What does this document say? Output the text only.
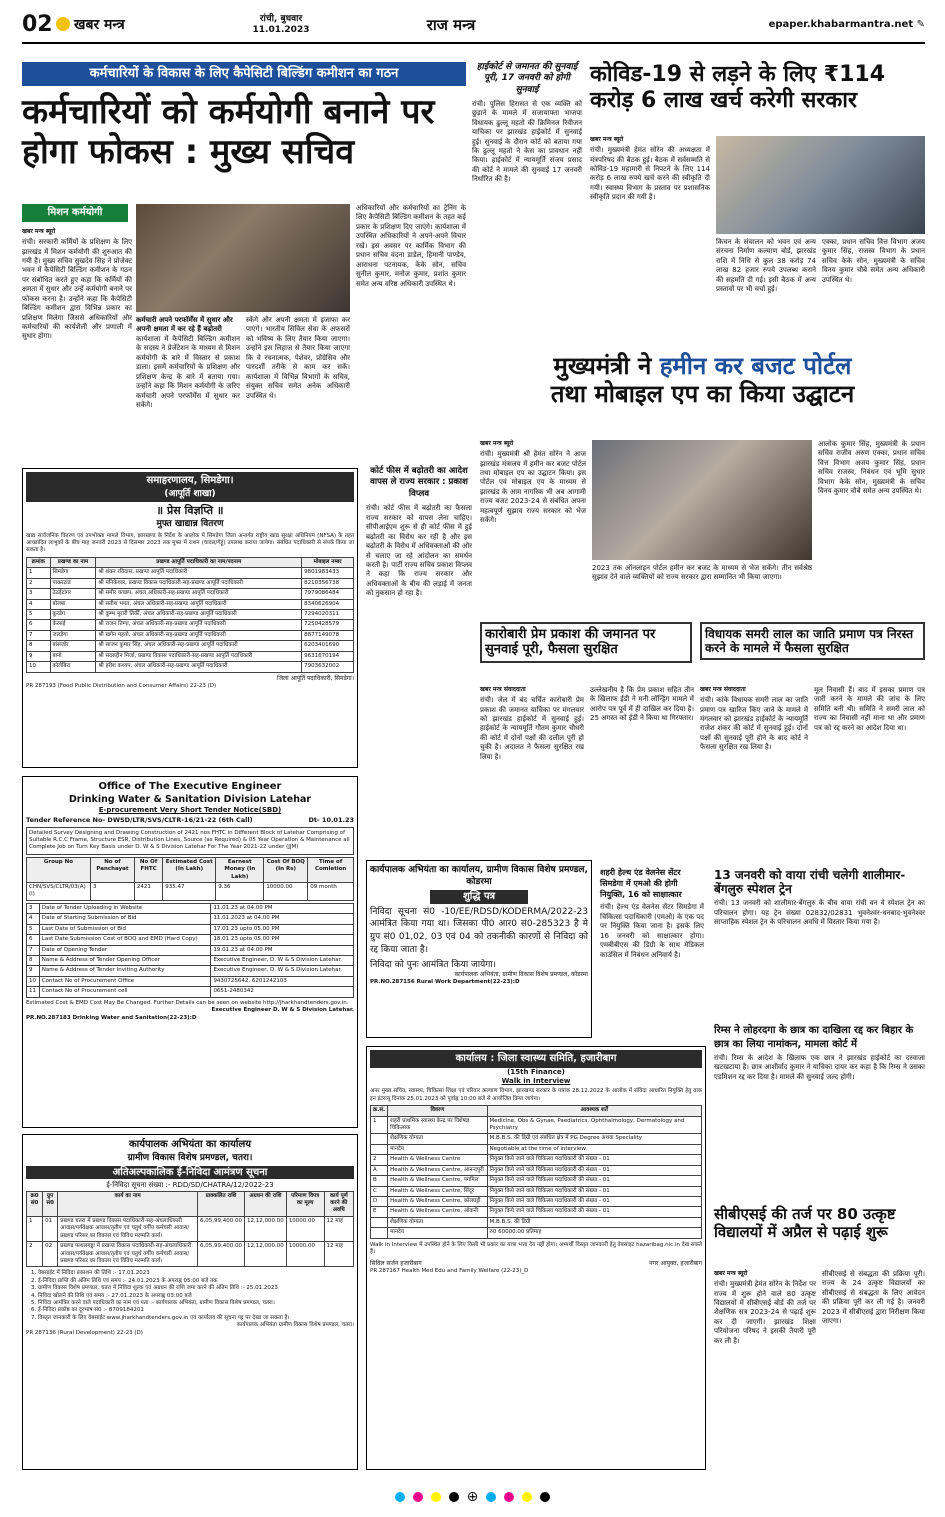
02	खबर मन्त्र	रांची, बुधवार
11.01.2023	राज मन्त्र	epaper.khabarmantra.net ✎
कर्मचारियों के विकास के लिए कैपेसिटी बिल्डिंग कमीशन का गठन
कर्मचारियों को कर्मयोगी बनाने पर होगा फोकस : मुख्य सचिव
मिशन कर्मयोगी
खबर मन्त्र ब्यूरो

रांची। सरकारी कर्मियों के प्रशिक्षण के लिए झारखंड में मिशन कर्मयोगी की शुरुआत की गयी है। मुख्य सचिव सुखदेव सिंह ने प्रोजेक्ट भवन में कैपेसिटी बिल्डिंग कमीशन के गठन पर संबोधित करते हुए कहा कि कर्मियों की क्षमता में सुधार और उन्हें कर्मयोगी बनाने पर फोकस करना है। उन्होंने कहा कि कैपेसिटी बिल्डिंग कमीशन द्वारा विभिन्न प्रकार का प्रशिक्षण मिलेगा जिससे अधिकारियों और कर्मचारियों की कार्यशैली और प्रणाली में सुधार होगा।

कर्मचारी अपने परफॉर्मेंस में सुधार और अपनी क्षमता में कर रहे हैं बढ़ोतरी

कार्यशाला में कैपेसिटी बिल्डिंग कमीशन के सदस्य ने प्रेजेंटेशन के माध्यम से मिशन कर्मयोगी के बारे में विस्तार से प्रकाश डाला। इसमें कर्मचारियों के प्रशिक्षण और प्रशिक्षण केन्द्र के बारे में बताया गया। उन्होंने कहा कि मिशन कर्मयोगी के जरिए कर्मचारी अपने परफॉर्मेंस में सुधार कर सकेंगे।

स्केंगे और अपनी क्षमता में इजाफा कर पाएंगे। भारतीय सिविल सेवा के अफसरों को भविष्य के लिए तैयार किया जाएगा। उन्होंने इस लिहाज से तैयार किया जाएगा कि वे रचनात्मक, पेशेवर, प्रोग्रेसिव और पारदर्शी तरीके से काम कर सकें। कार्यशाला में विभिन्न विभागों के सचिव, संयुक्त सचिव समेत अनेक अधिकारी उपस्थित थे।

अधिकारियों और कर्मचारियों का ट्रेनिंग के लिए कैपेसिटी बिल्डिंग कमीशन के तहत कई प्रकार के प्रशिक्षण दिए जाएंगे। कार्यशाला में उपस्थित अधिकारियों ने अपने-अपने विचार रखे। इस अवसर पर कार्मिक विभाग की प्रधान सचिव वंदना डाडेल, हिमानी पाण्डेय, आराधना पटनायक, केके सोन, सचिव सुनील कुमार, मनोज कुमार, प्रशांत कुमार समेत अन्य वरिष्ठ अधिकारी उपस्थित थे।

हाईकोर्ट से जमानत की सुनवाई पूरी, 17 जनवरी को होगी सुनवाई

रांची। पुलिस हिरासत से एक व्यक्ति को छुड़ाने के मामले में सजायाफ्ता भाजपा विधायक ढुल्लू महतो की क्रिमिनल रिवीजन याचिका पर झारखंड हाईकोर्ट में सुनवाई हुई। सुनवाई के दौरान कोर्ट को बताया गया कि ढुल्लू महतो ने केस का प्रावधान नहीं किया। हाईकोर्ट में न्यायमूर्ति संजय प्रसाद की कोर्ट ने मामले की सुनवाई 17 जनवरी निर्धारित की है।

कोविड-19 से लड़ने के लिए ₹114 करोड़ 6 लाख खर्च करेगी सरकार
खबर मन्त्र ब्यूरो

रांची। मुख्यमंत्री हेमंत सोरेन की अध्यक्षता में मंत्रपरिषद की बैठक हुई। बैठक में सर्वसम्मति से कोविड-19 महामारी से निपटने के लिए 114 करोड़ 6 लाख रुपये खर्च करने की स्वीकृति दी गयी। स्वास्थ्य विभाग के प्रस्ताव पर प्रशासनिक स्वीकृति प्रदान की गयी है।

किचन के संचालन को भवन एवं अन्य संरचना निर्माण कल्याण बोर्ड, झारखंड राशि में निधि से कुल 38 करोड़ 74 लाख 82 हजार रुपये उपलब्ध कराने की सहमति दी गई। इसी बैठक में अन्य प्रस्तावों पर भी चर्चा हुई।

एक्का, प्रधान सचिव वित्त विभाग अजय कुमार सिंह, राजस्व विभाग के प्रधान सचिव केके सोन, मुख्यमंत्री के सचिव विनय कुमार चौबे समेत अन्य अधिकारी उपस्थित थे।

मुख्यमंत्री ने हमीन कर बजट पोर्टल
तथा मोबाइल एप का किया उद्घाटन
खबर मन्त्र ब्यूरो

रांची। मुख्यमंत्री श्री हेमंत सोरेन ने आज झारखंड मंत्रालय में हमीन कर बजट पोर्टल तथा मोबाइल एप का उद्घाटन किया। इस पोर्टल एवं मोबाइल एप के माध्यम से झारखंड के आम नागरिक भी अब आगामी राज्य बजट 2023-24 से संबंधित अपना महत्वपूर्ण सुझाव राज्य सरकार को भेज सकेंगे।

2023 तक ऑनलाइन पोर्टल हमीन कर बजट के माध्यम से भेज सकेंगे। तीन सर्वश्रेष्ठ सुझाव देने वाले व्यक्तियों को राज्य सरकार द्वारा सम्मानित भी किया जाएगा।

आलोक कुमार सिंह, मुख्यमंत्री के प्रधान सचिव राजीव अरुण एक्का, प्रधान सचिव वित्त विभाग अजय कुमार सिंह, प्रधान सचिव राजस्व, निबंधन एवं भूमि सुधार विभाग केके सोन, मुख्यमंत्री के सचिव विनय कुमार चौबे समेत अन्य उपस्थित थे।

कोर्ट फीस में बढ़ोतरी का आदेश वापस ले राज्य सरकार : प्रकाश विप्लव

रांची। कोर्ट फीस में बढ़ोतरी का फैसला राज्य सरकार को वापस लेना चाहिए। सीपीआईएम शुरू से ही कोर्ट फीस में हुई बढ़ोतरी का विरोध कर रही है और इस बढ़ोतरी के विरोध में अधिवक्ताओं की ओर से चलाए जा रहे आंदोलन का समर्थन करती है। पार्टी राज्य सचिव प्रकाश विप्लव ने कहा कि राज्य सरकार और अधिवक्ताओं के बीच की लड़ाई में जनता को नुकसान हो रहा है।

कारोबारी प्रेम प्रकाश की जमानत पर सुनवाई पूरी, फैसला सुरक्षित
खबर मन्त्र संवाददाता

रांची। जेल में बंद चर्चित कारोबारी प्रेम प्रकाश की जमानत याचिका पर मंगलवार को झारखंड हाईकोर्ट में सुनवाई हुई। हाईकोर्ट के न्यायमूर्ति गौतम कुमार चौधरी की कोर्ट में दोनों पक्षों की दलील पूरी हो चुकी है। अदालत ने फैसला सुरक्षित रख लिया है।

उल्लेखनीय है कि प्रेम प्रकाश सहित तीन के खिलाफ ईडी ने मनी लॉन्ड्रिंग मामले में आरोप पत्र पूर्व में ही दाखिल कर दिया है। 25 अगस्त को ईडी ने किया था गिरफ्तार।

विधायक समरी लाल का जाति प्रमाण पत्र निरस्त करने के मामले में फैसला सुरक्षित
खबर मन्त्र संवाददाता

रांची। कांके विधायक समरी लाल का जाति प्रमाण पत्र खारिज किए जाने के मामले में मंगलवार को झारखंड हाईकोर्ट के न्यायमूर्ति राजेश शंकर की कोर्ट में सुनवाई हुई। दोनों पक्षों की सुनवाई पूरी होने के बाद कोर्ट ने फैसला सुरक्षित रख लिया है।

मूल निवासी हैं। बाद में इसका प्रमाण पत्र जारी करने के मामले की जांच के लिए समिति बनी थी। समिति ने समरी लाल को राज्य का निवासी नहीं माना था और प्रमाण पत्र को रद्द करने का आदेश दिया था।

समाहरणालय, सिमडेगा।
(आपूर्ति शाखा)
॥ प्रेस विज्ञप्ति ॥
मुफ्त खाद्यान्न वितरण

खाद्य सार्वजनिक वितरण एवं उपभोक्ता मामले विभाग, झारखण्ड के निर्देश के आलोक में सिमडेगा जिला अन्तर्गत राष्ट्रीय खाद्य सुरक्षा अधिनियम (NFSA) के तहत आच्छादित लाभुकों के बीच माह जनवरी 2023 से दिसम्बर 2023 तक मुफ्त में राशन (चावल/गेहूं) उपलब्ध कराया जायेगा। संबंधित पदाधिकारी से संपर्क किया जा सकता है।

क्रमांक	प्रखण्ड का नाम	प्रखण्ड आपूर्ति पदाधिकारी का नाम/पदनाम	मोबाइल नम्बर
1	सिमडेगा	श्री शंकर रविदास, प्रखण्ड आपूर्ति पदाधिकारी	9801983433
2	पाकरटांड	श्री मनिकेश्वर, प्रखण्ड विकास पदाधिकारी-सह-प्रखण्ड आपूर्ति पदाधिकारी	8210356738
3	ठेठईटांगर	श्री समीर कच्छप, अंचल अधिकारी-सह-प्रखण्ड आपूर्ति पदाधिकारी	7979086484
4	बोलबा	श्री सतीश भगत, अंचल अधिकारी-सह-प्रखण्ड आपूर्ति पदाधिकारी	8340626904
5	कुरडेग	श्री कुम्भ मुरारी तिर्की, अंचल अधिकारी-सह-प्रखण्ड आपूर्ति पदाधिकारी	7294020311
6	केरसई	श्री राजन तिग्गा, अंचल अधिकारी-सह-प्रखण्ड आपूर्ति पदाधिकारी	7250428579
7	जलडेगा	श्री खगेन महतो, अंचल अधिकारी-सह-प्रखण्ड आपूर्ति पदाधिकारी	8877149078
8	बांसजोर	श्री साजन कुमार सिंह, अंचल अधिकारी-सह-प्रखण्ड आपूर्ति पदाधिकारी	6203401690
9	बानो	श्री सदरुद्दीन मिर्जा, प्रखण्ड विकास पदाधिकारी-सह-प्रखण्ड आपूर्ति पदाधिकारी	9631670194
10	कोलेबिरा	श्री हरीश कश्यप, अंचल अधिकारी-सह-प्रखण्ड आपूर्ति पदाधिकारी	7903632002
जिला आपूर्ति पदाधिकारी, सिमडेगा।
PR 287193 (Food Public Distribution and Consumer Affairs) 22-23 (D)
Office of The Executive Engineer
Drinking Water & Sanitation Division Latehar
E-procurement Very Short Tender Notice(SBD)
Tender Reference No- DWSD/LTR/SVS/CLTR-16/21-22 (6th Call)	Dt- 10.01.23
Detailed Survey Designing and Drawing Construction of 2421 nos FHTC in Different Block of Latehar Comprising of Suitable R.C.C Frame, Structure ESR, Distribution Lines, Source (as Required) & 05 Year Operation & Maintenance all Complete Job on Turn Key Basis under D. W & S Division Latehar For The Year 2021-22 under (JJM)
Group No	No of Panchayat	No Of FHTC	Estimated Cost (In Lakh)	Earnest Money (In Lakh)	Cost Of BOQ (In Rs)	Time of Comletion
CHN/SVS/CLTR/03(A)(i)	3	2421	935.47	9.36	10000.00	09 month
3	Date of Tender Uploading in Website	11.01.23 at 04.00 PM
4	Date of Starting Submission of Bid	11.01.2023 at 04.00 PM
5	Last Date of Submission of Bid	17.01.23 upto 05.00 PM
6	Last Date Submission Cost of BOQ and EMD (Hard Copy)	18.01.23 upto 05.00 PM
7	Date of Opening Tender	19.01.23 at 04.00 PM
8	Name & Address of Tender Opening Officer	Executive Engineer, D. W & S Division Latehar.
9	Name & Address of Tender Inviting Authority	Executive Engineer, D. W & S Division Latehar.
10	Contact No of Procurement Office	9430725642, 6201242103
11	Contact No of Procurement cell	0651-2480342
Estimated Cost & EMD Cost May Be Changed. Further Details can be seen on website http://jharkhandtenders.gov.in.
Executive Engineer D. W & S Division Latehar.
PR.NO.287183 Drinking Water and Sanitation(22-23):D
कार्यपालक अभियंता का कार्यालय, ग्रामीण विकास विशेष प्रमण्डल, कोडरमा
शुद्धि पत्र

निविदा सूचना सं0 -10/EE/RDSD/KODERMA/2022-23 आमंत्रित किया गया था। जिसका पी0 आर0 सं0-285323 है मे ग्रुप सं0 01,02, 03 एवं 04 को तकनीकी कारणों से निविदा को रद्द किया जाता है।

निविदा को पुनः आमंत्रित किया जायेगा।

कार्यपालक अभियंता, ग्रामीण विकास विशेष प्रमण्डल, कोडरमा
PR.NO.287156 Rural Work Department(22-23):D
शहरी हेल्थ एंड वेलनेस सेंटर सिमडेगा में एमओ की होगी नियुक्ति, 16 को साक्षात्कार

रांची। हेल्थ एंड वेलनेस सेंटर सिमडेगा में चिकित्सा पदाधिकारी (एमओ) के एक पद पर नियुक्ति किया जाना है। इसके लिए 16 जनवरी को साक्षात्कार होगा। एमबीबीएस की डिग्री के साथ मेडिकल काउंसिल में निबंधन अनिवार्य है।

13 जनवरी को वाया रांची चलेगी शालीमार-बेंगलुरु स्पेशल ट्रेन

रांची। 13 जनवरी को शालीमार-बेंगलुरु के बीच वाया रांची वन वे स्पेशल ट्रेन का परिचालन होगा। यह ट्रेन संख्या 02832/02831 भुवनेश्वर-धनबाद-भुवनेश्वर साप्ताहिक स्पेशल ट्रेन के परिचालन अवधि में विस्तार किया गया है।

रिम्स ने लोहरदगा के छात्र का दाखिला रद्द कर बिहार के छात्र का लिया नामांकन, मामला कोर्ट में

रांची। रिम्स के आदेश के खिलाफ एक छात्र ने झारखंड हाईकोर्ट का दरवाजा खटखटाया है। छात्र आशीर्वाद कुमार ने याचिका दायर कर कहा है कि रिम्स ने उसका एडमिशन रद्द कर दिया है। मामले की सुनवाई जल्द होगी।

सीबीएसई की तर्ज पर 80 उत्कृष्ट विद्यालयों में अप्रैल से पढ़ाई शुरू
खबर मन्त्र ब्यूरो

रांची। मुख्यमंत्री हेमंत सोरेन के निर्देश पर राज्य में शुरू होने वाले 80 उत्कृष्ट विद्यालयों में सीबीएसई बोर्ड की तर्ज पर शैक्षणिक सत्र 2023-24 से पढ़ाई शुरू कर दी जाएगी। झारखंड शिक्षा परियोजना परिषद ने इसकी तैयारी पूरी कर ली है।

सीबीएसई से संबद्धता की प्रक्रिया पूरी। राज्य के 24 उत्कृष्ट विद्यालयों का सीबीएसई से संबद्धता के लिए आवेदन की प्रक्रिया पूरी कर ली गई है। जनवरी 2023 में सीबीएसई द्वारा निरीक्षण किया जाएगा।

कार्यपालक अभियंता का कार्यालय
ग्रामीण विकास विशेष प्रमण्डल, चतरा।
अतिअल्पकालिक ई-निविदा आमंत्रण सूचना
ई-निविदा सूचना संख्या :- RDD/SD/CHATRA/12/2022-23
क्र0 सं0	ग्रुप सं0	कार्य का नाम	प्राक्कलित राशि	अग्रधन की राशि	परिमाण विपत्र का मूल्य	कार्य पूर्ण करने की अवधि
1	01	प्रखण्ड चतरा में प्रखण्ड विकास पदाधिकारी-सह-अंचलाधिकारी आवास/पर्यवेक्षक आवास/तृतीय एवं चतुर्थ वर्गीय कर्मचारी आवास/प्रखण्ड परिसर का विकास एवं विविध मरम्मति कार्य।	6,05,99,400.00	12,12,000.00	10000.00	12 माह
2	02	प्रखण्ड पत्थलगड्डा में प्रखण्ड विकास पदाधिकारी-सह-अंचलाधिकारी आवास/पर्यवेक्षक आवास/तृतीय एवं चतुर्थ वर्गीय कर्मचारी आवास/प्रखण्ड परिसर का विकास एवं विविध मरम्मति कार्य।	6,05,99,400.00	12,12,000.00	10000.00	12 माह
1. वेबसाईट में निविदा प्रकाशन की तिथि :- 17.01.2023
2. ई-निविदा प्राप्ति की अंतिम तिथि एवं समय :- 24.01.2023 के अपराह्न 05:00 बजे तक
3. ग्रामीण विकास विशेष प्रमण्डल, चतरा में निविदा शुल्क एवं अग्रधन की राशि जमा करने की अंतिम तिथि :- 25.01.2023
4. निविदा खोलने की तिथि एवं समय :- 27.01.2023 के अपराह्न 03:00 बजे
5. निविदा आमंत्रित करने वाले पदाधिकारी का नाम एवं पता :- कार्यपालक अभियंता, ग्रामीण विकास विशेष प्रमण्डल, चतरा।
6. ई-निविदा प्रकोष्ठ का दूरभाष सं0 :- 8709184201
7. विस्तृत जानकारी के लिए वेबसाईट www.jharkhandtenders.gov.in एवं कार्यालय की सूचना पट्ट पर देखा जा सकता है।
कार्यपालक अभियंता ग्रामीण विकास विशेष प्रमण्डल, चतरा।
PR 287136 (Rural Development) 22-23 (D)
कार्यालय : जिला स्वास्थ्य समिति, हजारीबाग
(15th Finance)
Walk in Interview

अपर मुख्य सचिव, स्वास्थ्य, चिकित्सा शिक्षा एवं परिवार कल्याण विभाग, झारखण्ड सरकार के पत्रांक 28.12.2022 के आलोक में संविदा आधारित नियुक्ति हेतु वाक इन इंटरव्यू दिनांक 25.01.2023 को पूर्वाह्न 10:00 बजे से आयोजित किया जायेगा।

क्र.सं.	विवरण	आवश्यक शर्तें
1	शहरी प्राथमिक स्वास्थ्य केन्द्र पर विशेषज्ञ चिकित्सक	Medicine, Obs & Gynae, Paediatrics, Ophthalmology, Dermatology and Psychiatry
	शैक्षणिक योग्यता	M.B.B.S. की डिग्री एवं संबंधित क्षेत्र में PG Degree अथवा Speciality
	मानदेय	Negotiable at the time of interview
2	Health & Wellness Centre	नियुक्त किये जाने वाले चिकित्सा पदाधिकारी की संख्या - 01
A	Health & Wellness Centre, आनन्दपुरी	नियुक्त किये जाने वाले चिकित्सा पदाधिकारी की संख्या - 01
B	Health & Wellness Centre, पगमिल	नियुक्त किये जाने वाले चिकित्सा पदाधिकारी की संख्या - 01
C	Health & Wellness Centre, सिंदूर	नियुक्त किये जाने वाले चिकित्सा पदाधिकारी की संख्या - 01
D	Health & Wellness Centre, कोलघट्टी	नियुक्त किये जाने वाले चिकित्सा पदाधिकारी की संख्या - 01
E	Health & Wellness Centre, ओकनी	नियुक्त किये जाने वाले चिकित्सा पदाधिकारी की संख्या - 01
	शैक्षणिक योग्यता	M.B.B.S. की डिग्री
	मानदेय	रु0 60000.00 प्रतिमाह

Walk in Interview में उपस्थित होने के लिए किसी भी प्रकार का यात्रा भत्ता देय नहीं होगा। अभ्यर्थी विस्तृत जानकारी हेतु वेबसाइट hazaribag.nic.in देख सकते हैं।

सिविल सर्जन हजारीबाग	नगर आयुक्त, हजारीबाग
PR 287167 Health Med Edu and Family Welfare (22-23)_D
⊕
